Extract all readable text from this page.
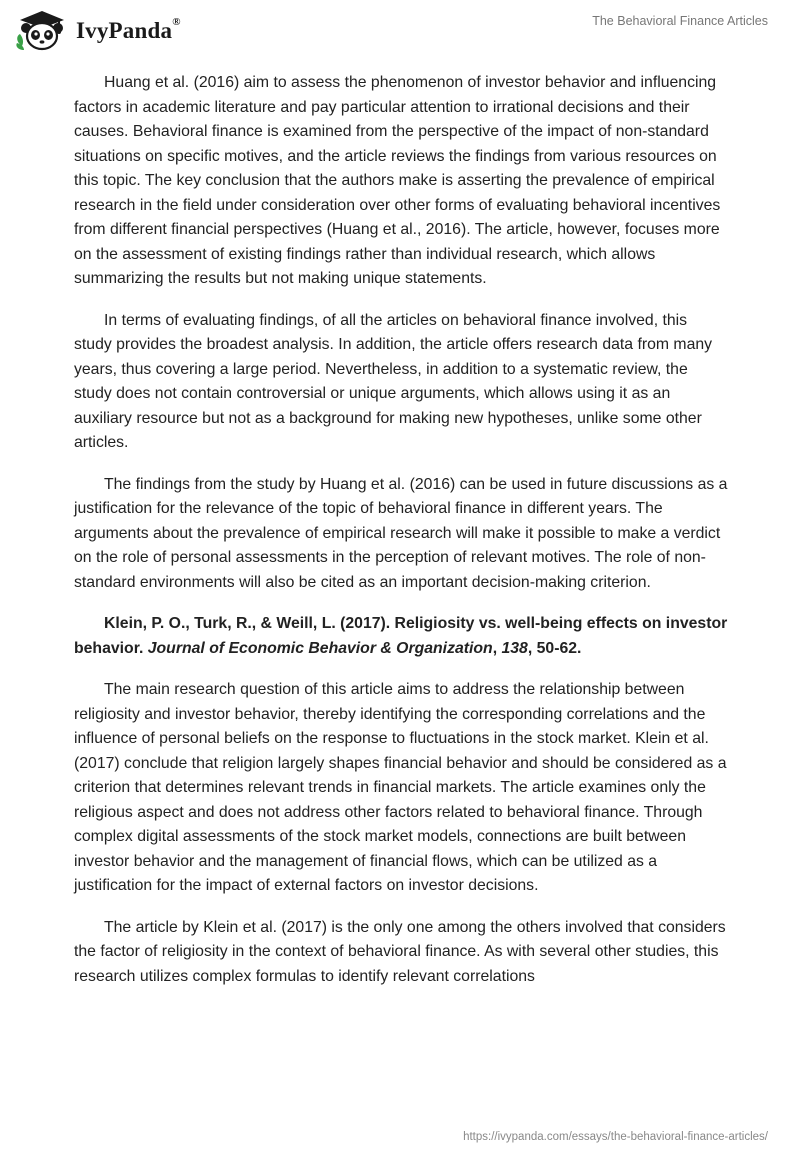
IvyPanda®	The Behavioral Finance Articles

Huang et al. (2016) aim to assess the phenomenon of investor behavior and influencing factors in academic literature and pay particular attention to irrational decisions and their causes. Behavioral finance is examined from the perspective of the impact of non-standard situations on specific motives, and the article reviews the findings from various resources on this topic. The key conclusion that the authors make is asserting the prevalence of empirical research in the field under consideration over other forms of evaluating behavioral incentives from different financial perspectives (Huang et al., 2016). The article, however, focuses more on the assessment of existing findings rather than individual research, which allows summarizing the results but not making unique statements.

In terms of evaluating findings, of all the articles on behavioral finance involved, this study provides the broadest analysis. In addition, the article offers research data from many years, thus covering a large period. Nevertheless, in addition to a systematic review, the study does not contain controversial or unique arguments, which allows using it as an auxiliary resource but not as a background for making new hypotheses, unlike some other articles.

The findings from the study by Huang et al. (2016) can be used in future discussions as a justification for the relevance of the topic of behavioral finance in different years. The arguments about the prevalence of empirical research will make it possible to make a verdict on the role of personal assessments in the perception of relevant motives. The role of non-standard environments will also be cited as an important decision-making criterion.

Klein, P. O., Turk, R., & Weill, L. (2017). Religiosity vs. well-being effects on investor behavior. Journal of Economic Behavior & Organization, 138, 50-62.

The main research question of this article aims to address the relationship between religiosity and investor behavior, thereby identifying the corresponding correlations and the influence of personal beliefs on the response to fluctuations in the stock market. Klein et al. (2017) conclude that religion largely shapes financial behavior and should be considered as a criterion that determines relevant trends in financial markets. The article examines only the religious aspect and does not address other factors related to behavioral finance. Through complex digital assessments of the stock market models, connections are built between investor behavior and the management of financial flows, which can be utilized as a justification for the impact of external factors on investor decisions.

The article by Klein et al. (2017) is the only one among the others involved that considers the factor of religiosity in the context of behavioral finance. As with several other studies, this research utilizes complex formulas to identify relevant correlations

https://ivypanda.com/essays/the-behavioral-finance-articles/
